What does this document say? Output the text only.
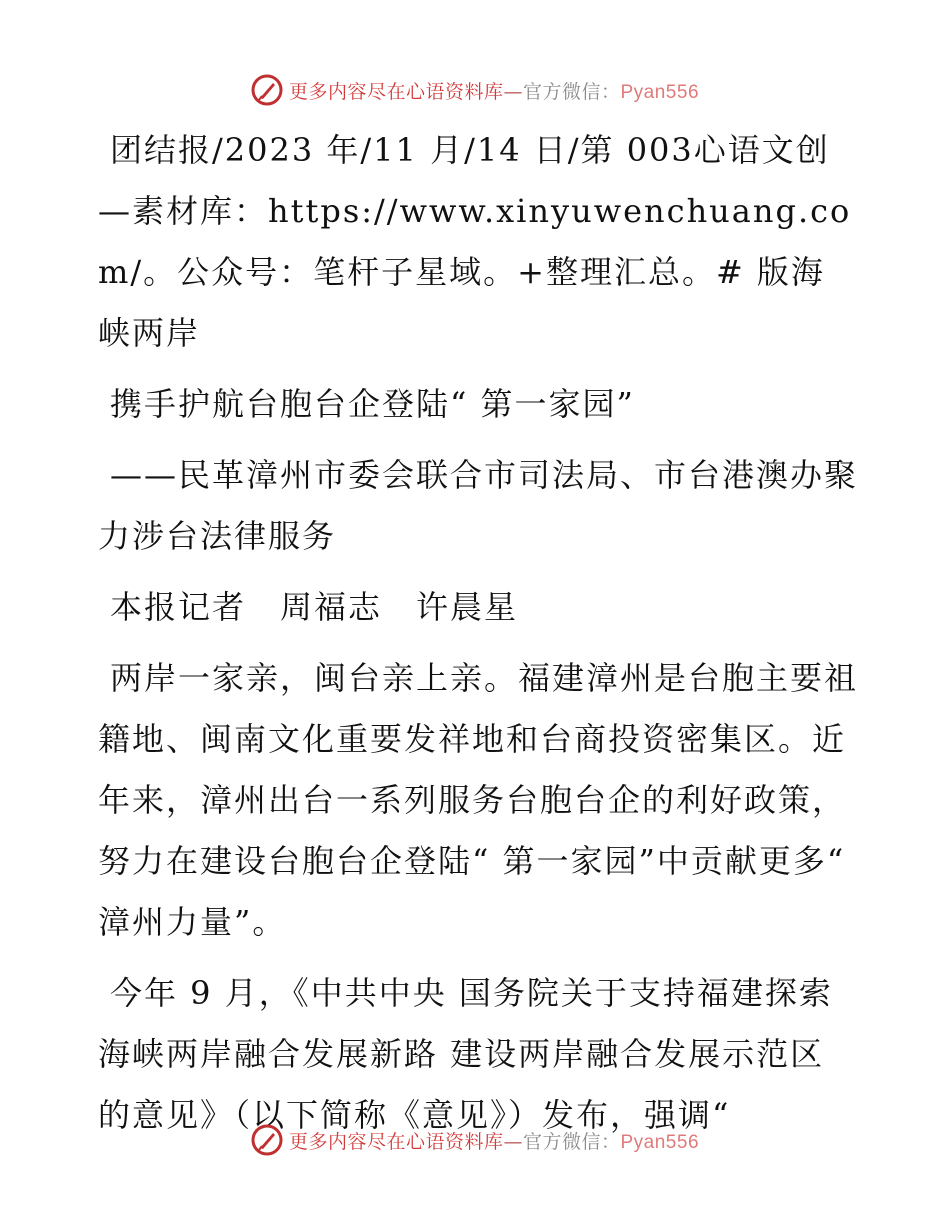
更多内容尽在心语资料库—官方微信：Pyan556

团结报/2023 年/11 月/14 日/第 003心语文创—素材库：https://www.xinyuwenchuang.com/。公众号：笔杆子星域。+整理汇总。# 版海峡两岸

携手护航台胞台企登陆“ 第一家园”

——民革漳州市委会联合市司法局、市台港澳办聚力涉台法律服务

本报记者　周福志　许晨星

两岸一家亲，闽台亲上亲。福建漳州是台胞主要祖籍地、闽南文化重要发祥地和台商投资密集区。近年来，漳州出台一系列服务台胞台企的利好政策，努力在建设台胞台企登陆“ 第一家园”中贡献更多“ 漳州力量”。

今年 9 月，《中共中央 国务院关于支持福建探索海峡两岸融合发展新路 建设两岸融合发展示范区的意见》（以下简称《意见》）发布，强调“

更多内容尽在心语资料库—官方微信：Pyan556
